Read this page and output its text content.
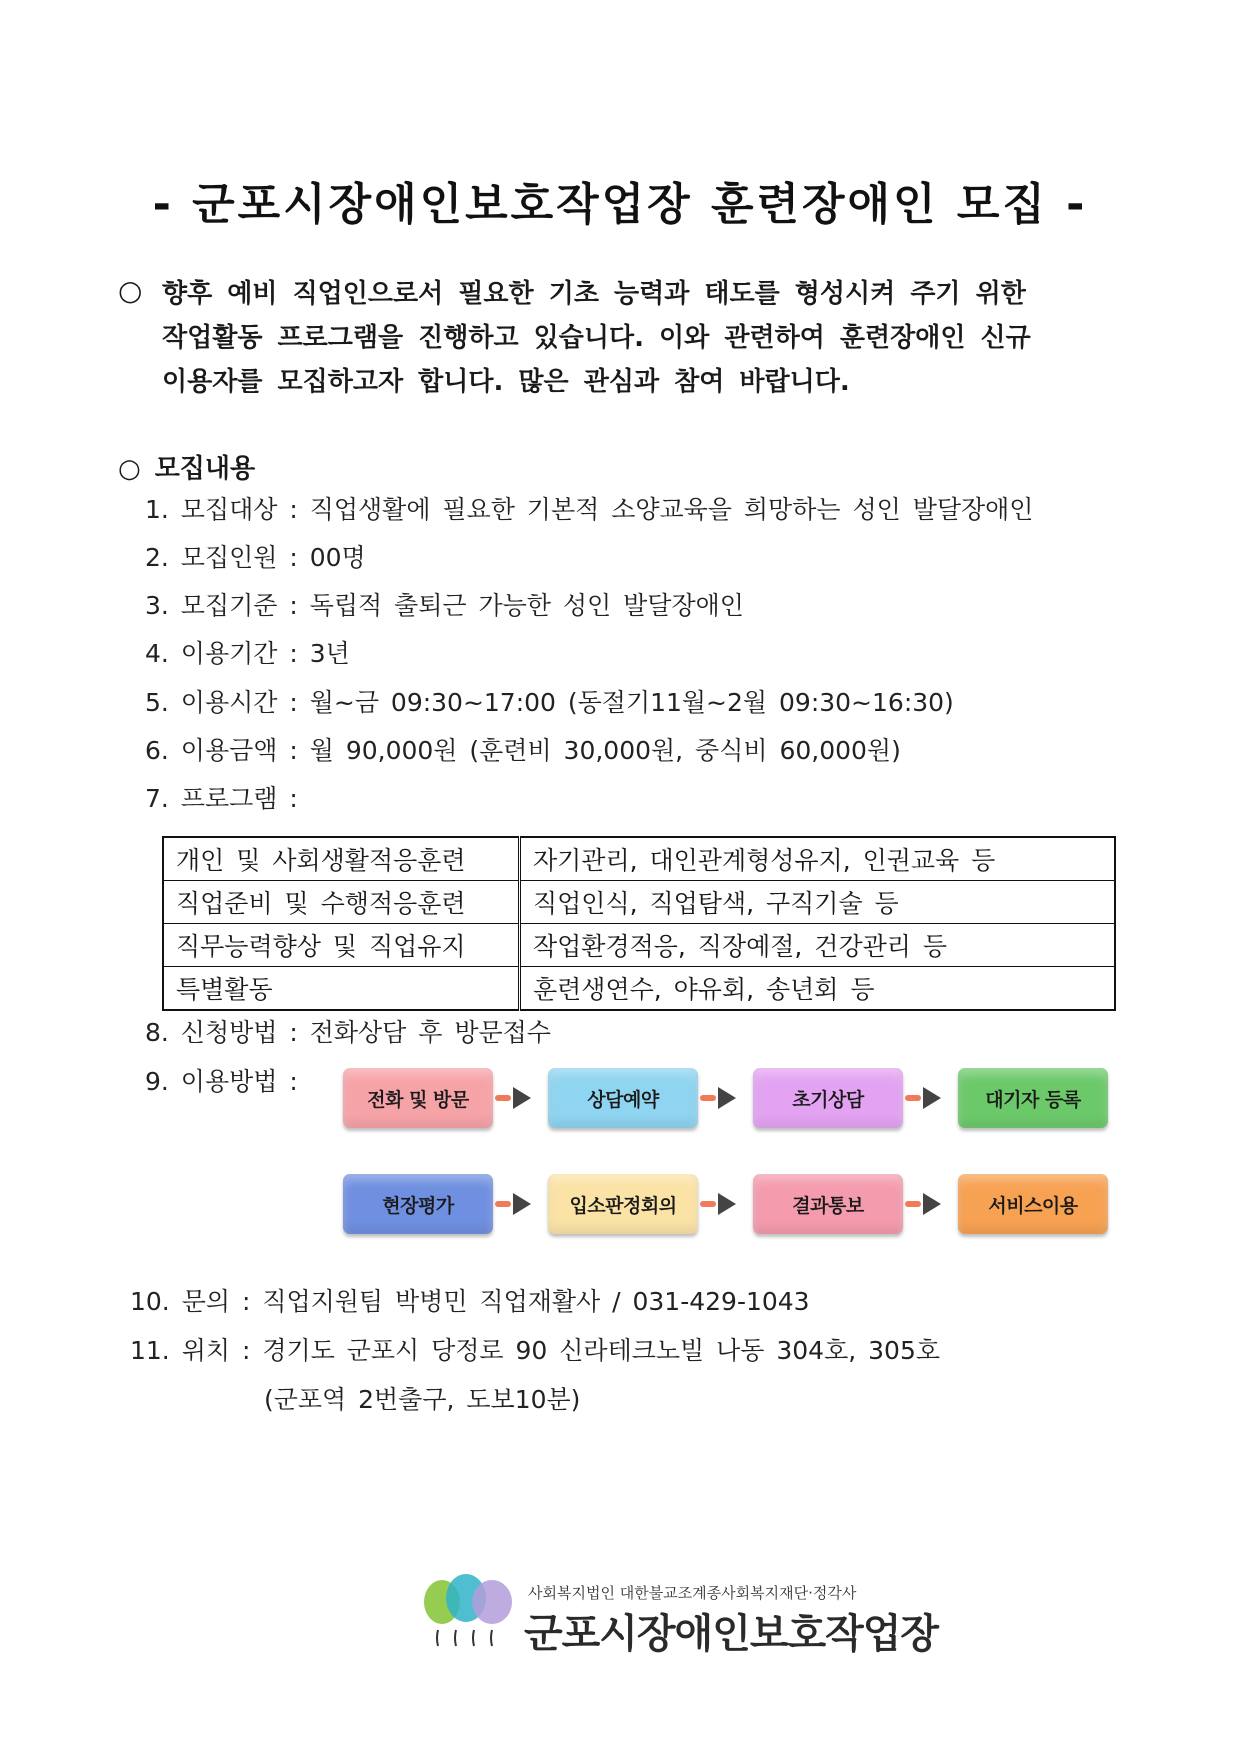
- 군포시장애인보호작업장 훈련장애인 모집 -
○ 향후 예비 직업인으로서 필요한 기초 능력과 태도를 형성시켜 주기 위한
작업활동 프로그램을 진행하고 있습니다. 이와 관련하여 훈련장애인 신규
이용자를 모집하고자 합니다. 많은 관심과 참여 바랍니다.
○ 모집내용
1. 모집대상 : 직업생활에 필요한 기본적 소양교육을 희망하는 성인 발달장애인
2. 모집인원 : 00명
3. 모집기준 : 독립적 출퇴근 가능한 성인 발달장애인
4. 이용기간 : 3년
5. 이용시간 : 월~금 09:30~17:00 (동절기11월~2월 09:30~16:30)
6. 이용금액 : 월 90,000원 (훈련비 30,000원, 중식비 60,000원)
7. 프로그램 :
개인 및 사회생활적응훈련	자기관리, 대인관계형성유지, 인권교육 등
직업준비 및 수행적응훈련	직업인식, 직업탐색, 구직기술 등
직무능력향상 및 직업유지	작업환경적응, 직장예절, 건강관리 등
특별활동	훈련생연수, 야유회, 송년회 등
8. 신청방법 : 전화상담 후 방문접수
9. 이용방법 :
전화 및 방문	상담예약	초기상담	대기자 등록
현장평가	입소판정회의	결과통보	서비스이용
10. 문의 : 직업지원팀 박병민 직업재활사 / 031-429-1043
11. 위치 : 경기도 군포시 당정로 90 신라테크노빌 나동 304호, 305호
(군포역 2번출구, 도보10분)
사회복지법인 대한불교조계종사회복지재단·정각사
군포시장애인보호작업장
